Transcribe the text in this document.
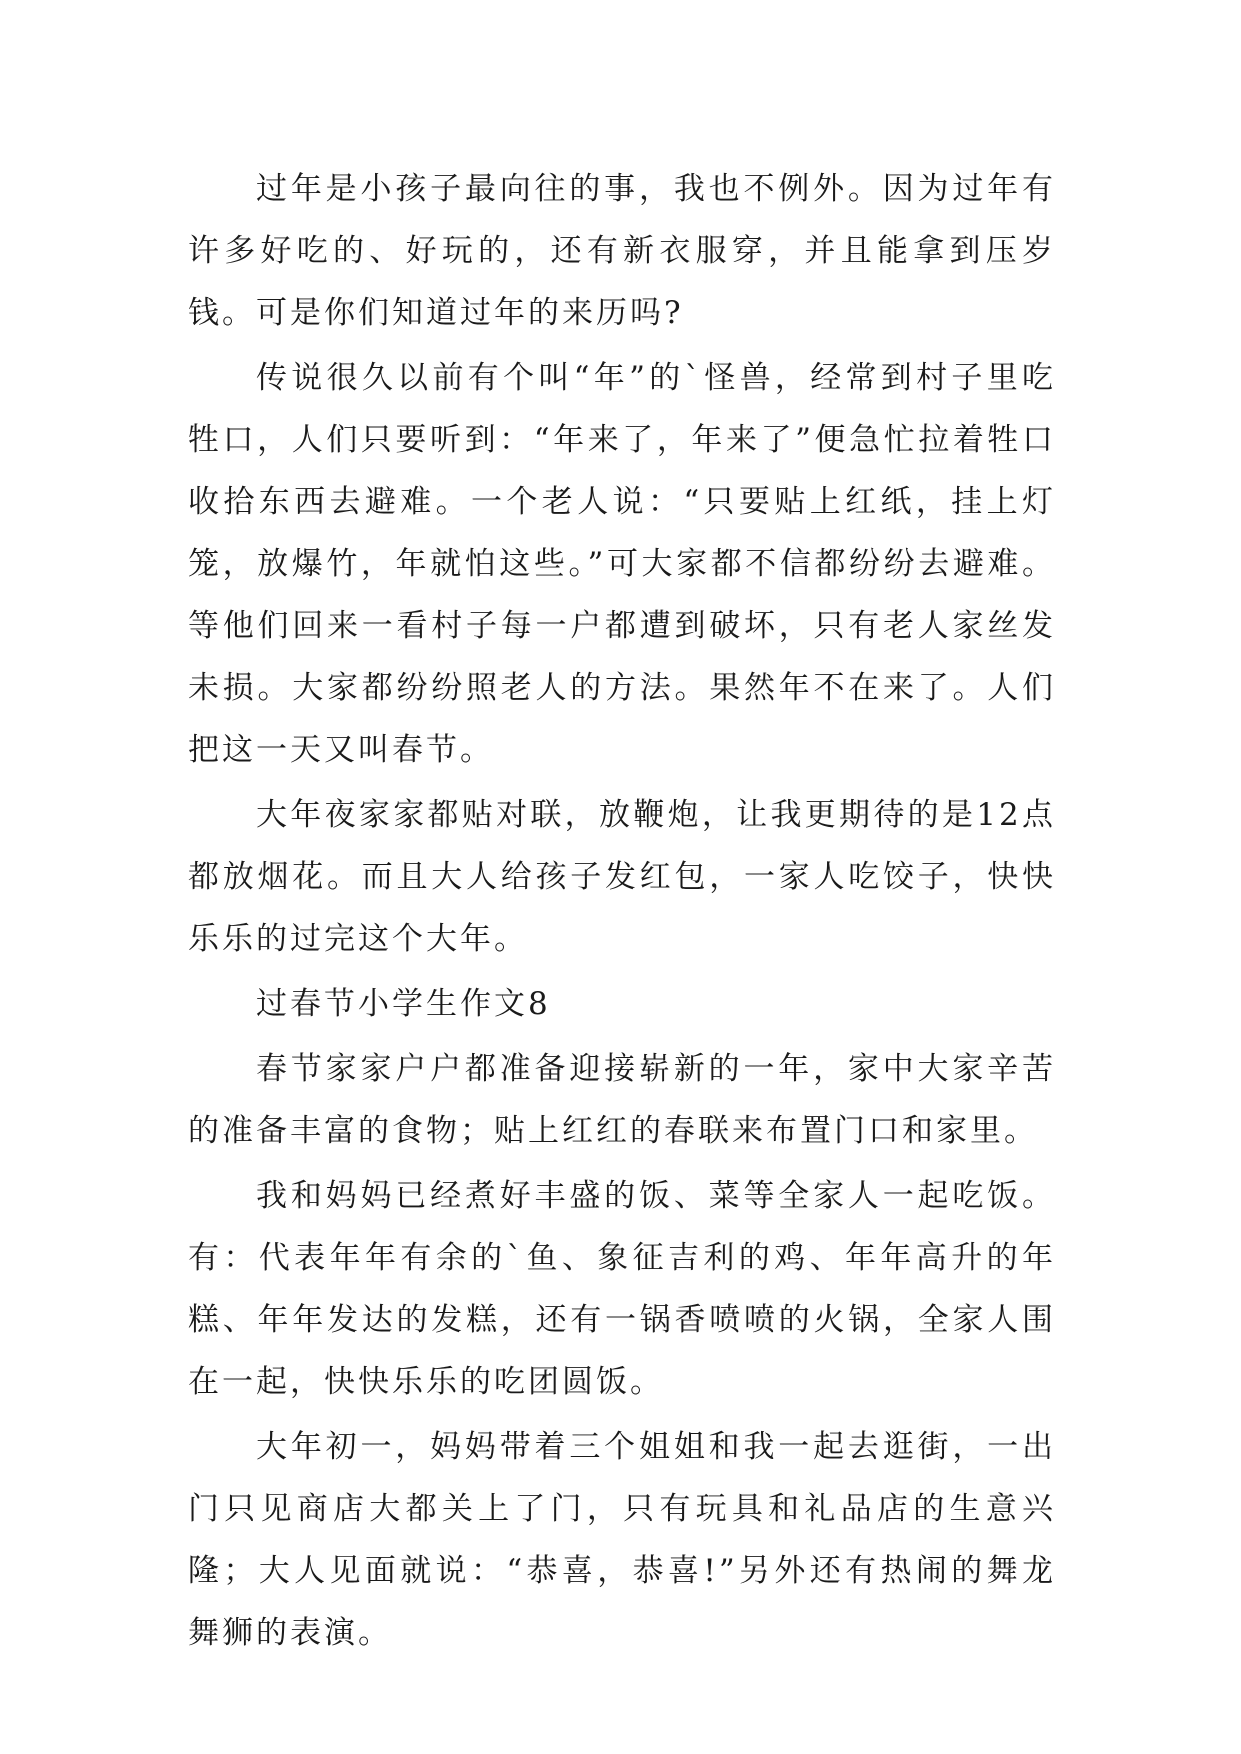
过年是小孩子最向往的事，我也不例外。因为过年有许多好吃的、好玩的，还有新衣服穿，并且能拿到压岁钱。可是你们知道过年的来历吗?

传说很久以前有个叫“年”的`怪兽，经常到村子里吃牲口，人们只要听到：“年来了，年来了”便急忙拉着牲口收拾东西去避难。一个老人说：“只要贴上红纸，挂上灯笼，放爆竹，年就怕这些。”可大家都不信都纷纷去避难。等他们回来一看村子每一户都遭到破坏，只有老人家丝发未损。大家都纷纷照老人的方法。果然年不在来了。人们把这一天又叫春节。

大年夜家家都贴对联，放鞭炮，让我更期待的是12点都放烟花。而且大人给孩子发红包，一家人吃饺子，快快乐乐的过完这个大年。

过春节小学生作文8

春节家家户户都准备迎接崭新的一年，家中大家辛苦的准备丰富的食物；贴上红红的春联来布置门口和家里。

我和妈妈已经煮好丰盛的饭、菜等全家人一起吃饭。有：代表年年有余的`鱼、象征吉利的鸡、年年高升的年糕、年年发达的发糕，还有一锅香喷喷的火锅，全家人围在一起，快快乐乐的吃团圆饭。

大年初一，妈妈带着三个姐姐和我一起去逛街，一出门只见商店大都关上了门，只有玩具和礼品店的生意兴隆；大人见面就说：“恭喜，恭喜!”另外还有热闹的舞龙舞狮的表演。
